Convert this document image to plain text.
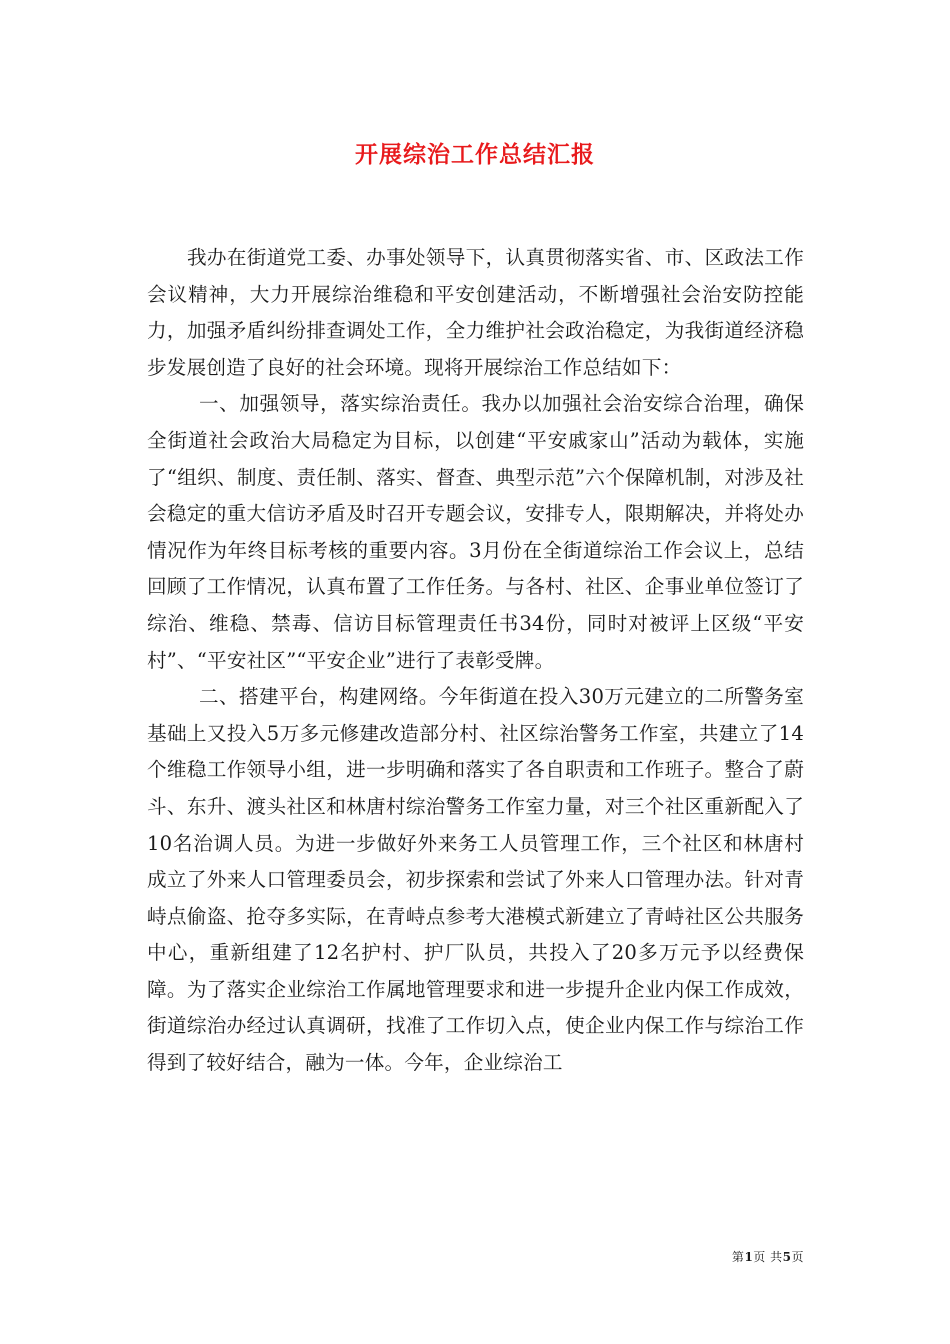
开展综治工作总结汇报

我办在街道党工委、办事处领导下，认真贯彻落实省、市、区政法工作会议精神，大力开展综治维稳和平安创建活动，不断增强社会治安防控能力，加强矛盾纠纷排查调处工作，全力维护社会政治稳定，为我街道经济稳步发展创造了良好的社会环境。现将开展综治工作总结如下：

一、加强领导，落实综治责任。我办以加强社会治安综合治理，确保全街道社会政治大局稳定为目标，以创建“平安戚家山”活动为载体，实施了“组织、制度、责任制、落实、督查、典型示范”六个保障机制，对涉及社会稳定的重大信访矛盾及时召开专题会议，安排专人，限期解决，并将处办情况作为年终目标考核的重要内容。3月份在全街道综治工作会议上，总结回顾了工作情况，认真布置了工作任务。与各村、社区、企事业单位签订了综治、维稳、禁毒、信访目标管理责任书34份，同时对被评上区级“平安村”、“平安社区”“平安企业”进行了表彰受牌。

二、搭建平台，构建网络。今年街道在投入30万元建立的二所警务室基础上又投入5万多元修建改造部分村、社区综治警务工作室，共建立了14个维稳工作领导小组，进一步明确和落实了各自职责和工作班子。整合了蔚斗、东升、渡头社区和林唐村综治警务工作室力量，对三个社区重新配入了10名治调人员。为进一步做好外来务工人员管理工作，三个社区和林唐村成立了外来人口管理委员会，初步探索和尝试了外来人口管理办法。针对青峙点偷盗、抢夺多实际，在青峙点参考大港模式新建立了青峙社区公共服务中心，重新组建了12名护村、护厂队员，共投入了20多万元予以经费保障。为了落实企业综治工作属地管理要求和进一步提升企业内保工作成效，街道综治办经过认真调研，找准了工作切入点，使企业内保工作与综治工作得到了较好结合，融为一体。今年，企业综治工

第1页 共5页
